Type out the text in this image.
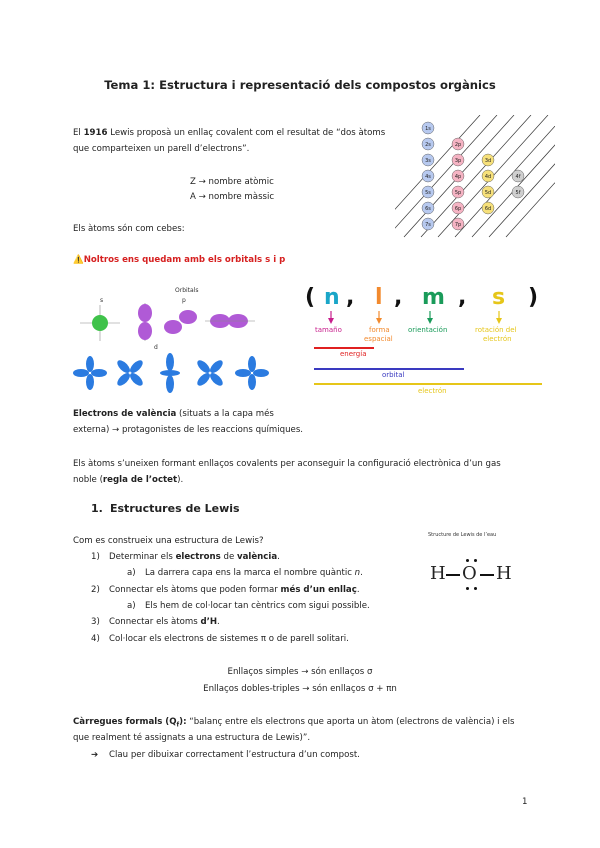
Tema 1: Estructura i representació dels compostos orgànics
El 1916 Lewis proposà un enllaç covalent com el resultat de “dos àtoms
que comparteixen un parell d’electrons”.
Z → nombre atòmic
A → nombre màssic
Els àtoms són com cebes:
⚠️Noltros ens quedam amb els orbitals s i p
1s
2s	2p
3s	3p	3d
4s	4p	4d	4f
5s	5p	5d	5f
6s	6p	6d
7s	7p
Orbitals
s	p
d
( n , l , m , s )
tamaño	forma
espacial
orientación	rotación del
electrón
energía
orbital
electrón
Electrons de valència (situats a la capa més
externa) → protagonistes de les reaccions químiques.
Els àtoms s’uneixen formant enllaços covalents per aconseguir la configuració electrònica d’un gas
noble (regla de l’octet).
1. Estructures de Lewis
Com es construeix una estructura de Lewis?
1) Determinar els electrons de valència.
a) La darrera capa ens la marca el nombre quàntic n.
2) Connectar els àtoms que poden formar més d’un enllaç.
a) Els hem de col·locar tan cèntrics com sigui possible.
3) Connectar els àtoms d’H.
4) Col·locar els electrons de sistemes π o de parell solitari.
Structure de Lewis de l’eau
H O H
Enllaços simples → són enllaços σ
Enllaços dobles-triples → són enllaços σ + πn
Càrregues formals $(Q_f)$: “balanç entre els electrons que aporta un àtom (electrons de valència) i els
que realment té assignats a una estructura de Lewis)”.
➔ Clau per dibuixar correctament l’estructura d’un compost.
1
